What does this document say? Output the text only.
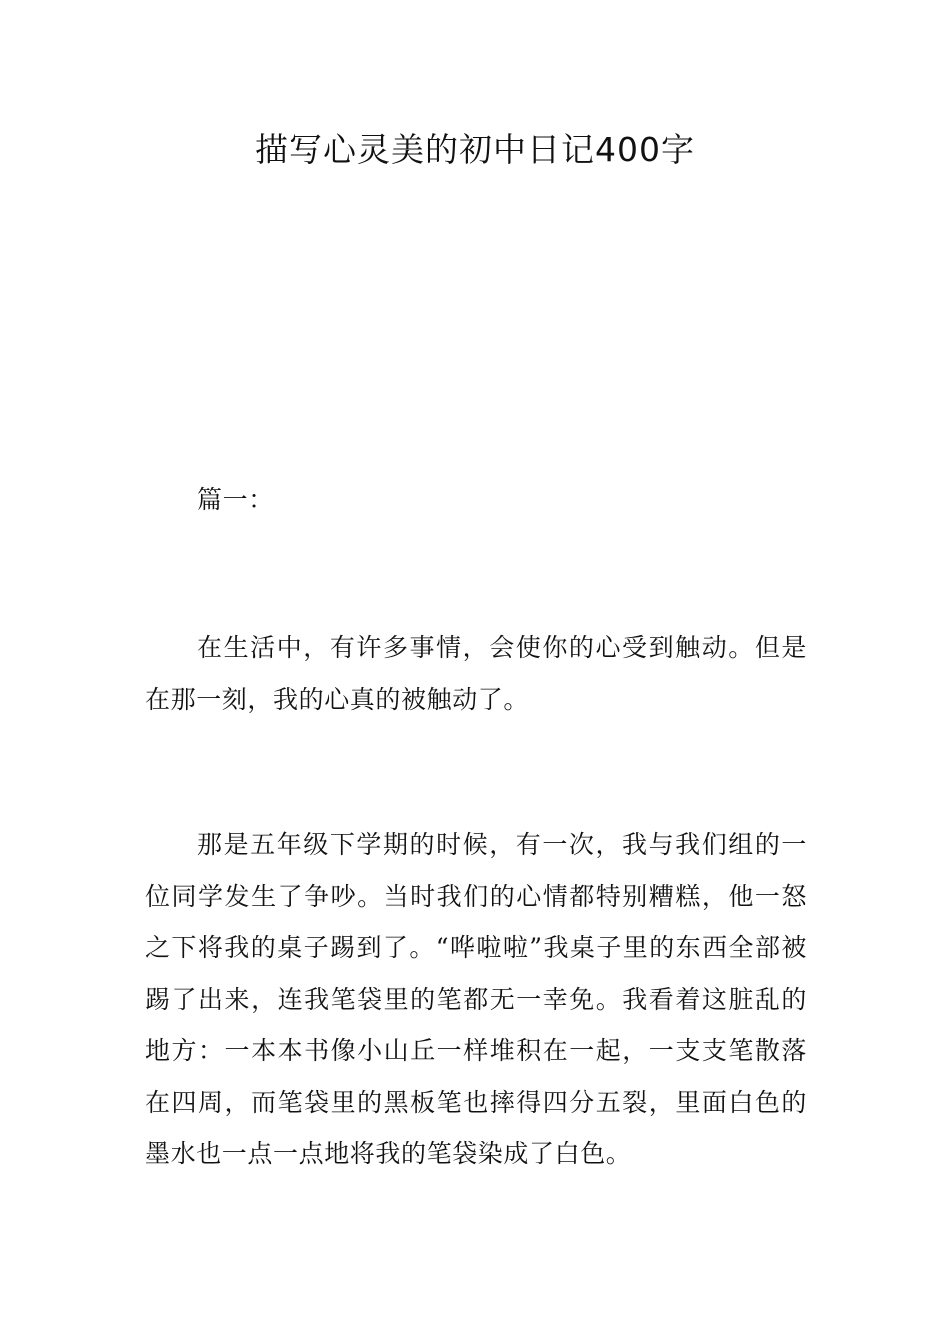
描写心灵美的初中日记400字

篇一：

在生活中，有许多事情，会使你的心受到触动。但是在那一刻，我的心真的被触动了。

那是五年级下学期的时候，有一次，我与我们组的一位同学发生了争吵。当时我们的心情都特别糟糕，他一怒之下将我的桌子踢到了。“哗啦啦”我桌子里的东西全部被踢了出来，连我笔袋里的笔都无一幸免。我看着这脏乱的地方：一本本书像小山丘一样堆积在一起，一支支笔散落在四周，而笔袋里的黑板笔也摔得四分五裂，里面白色的墨水也一点一点地将我的笔袋染成了白色。
